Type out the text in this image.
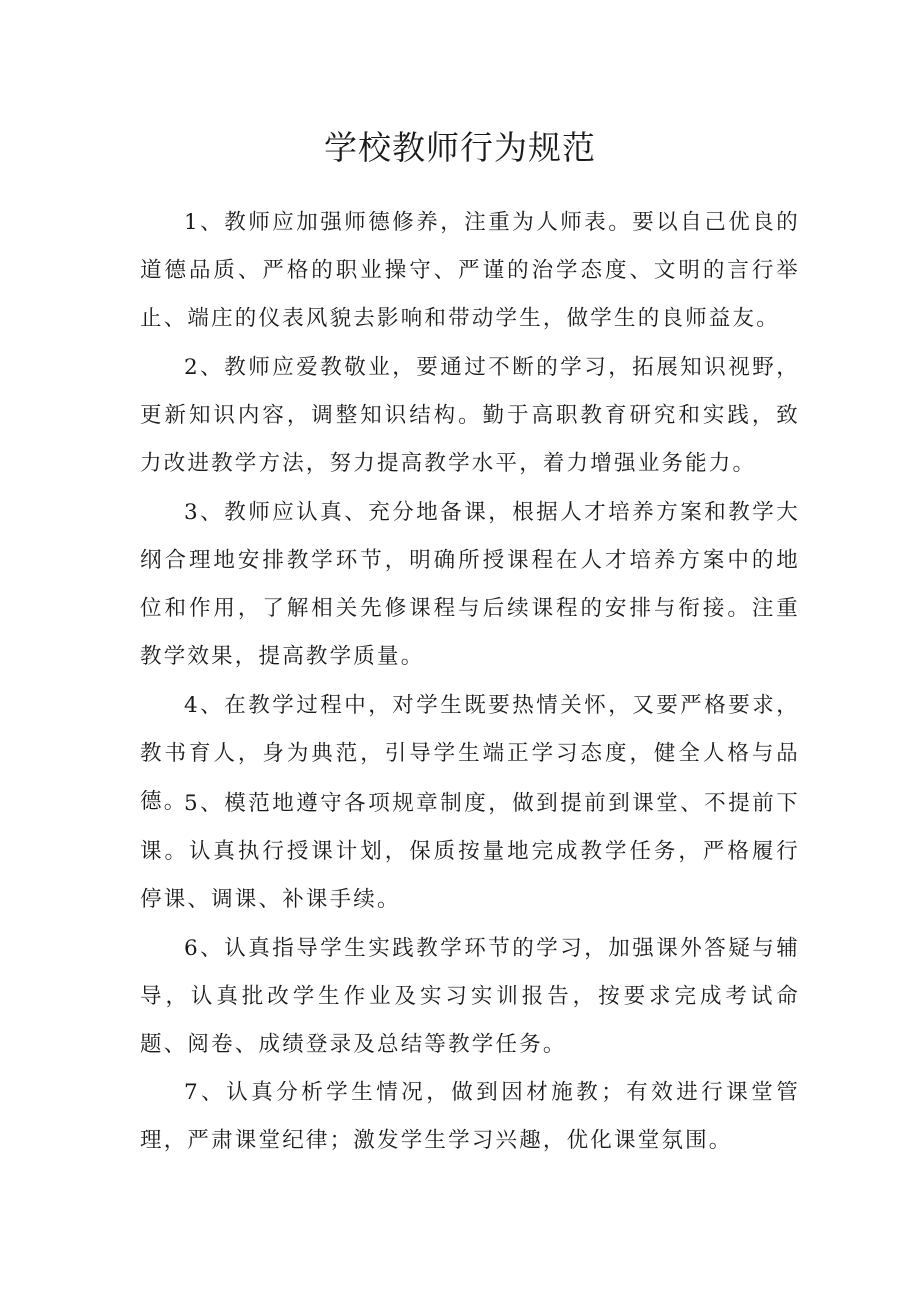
学校教师行为规范

1、教师应加强师德修养，注重为人师表。要以自己优良的道德品质、严格的职业操守、严谨的治学态度、文明的言行举止、端庄的仪表风貌去影响和带动学生，做学生的良师益友。

2、教师应爱教敬业，要通过不断的学习，拓展知识视野，更新知识内容，调整知识结构。勤于高职教育研究和实践，致力改进教学方法，努力提高教学水平，着力增强业务能力。

3、教师应认真、充分地备课，根据人才培养方案和教学大纲合理地安排教学环节，明确所授课程在人才培养方案中的地位和作用，了解相关先修课程与后续课程的安排与衔接。注重教学效果，提高教学质量。

4、在教学过程中，对学生既要热情关怀，又要严格要求，教书育人，身为典范，引导学生端正学习态度，健全人格与品德。

5、模范地遵守各项规章制度，做到提前到课堂、不提前下课。认真执行授课计划，保质按量地完成教学任务，严格履行停课、调课、补课手续。

6、认真指导学生实践教学环节的学习，加强课外答疑与辅导，认真批改学生作业及实习实训报告，按要求完成考试命题、阅卷、成绩登录及总结等教学任务。

7、认真分析学生情况，做到因材施教；有效进行课堂管理，严肃课堂纪律；激发学生学习兴趣，优化课堂氛围。
